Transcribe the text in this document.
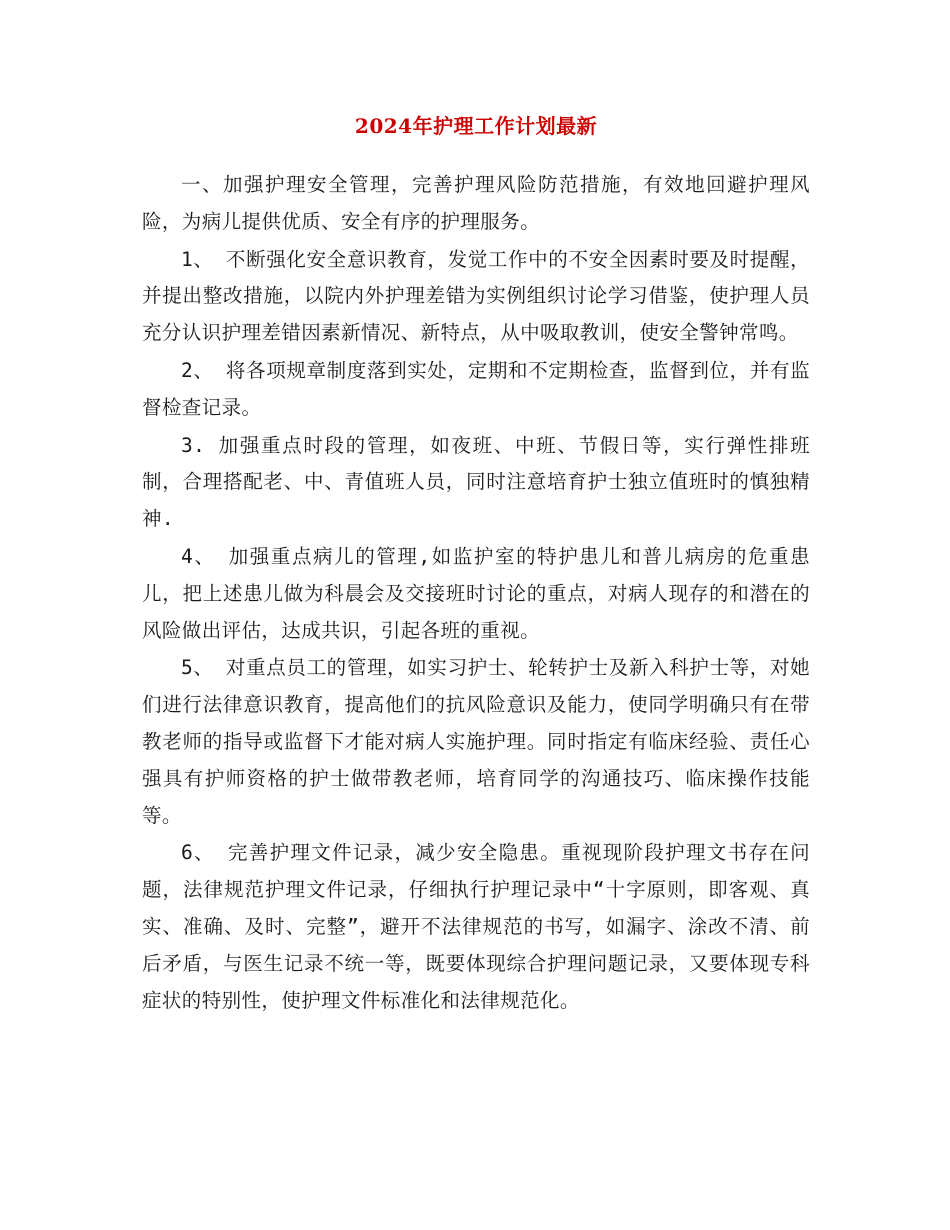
2024年护理工作计划最新

一、加强护理安全管理，完善护理风险防范措施，有效地回避护理风险，为病儿提供优质、安全有序的护理服务。

1、 不断强化安全意识教育，发觉工作中的不安全因素时要及时提醒，并提出整改措施，以院内外护理差错为实例组织讨论学习借鉴，使护理人员充分认识护理差错因素新情况、新特点，从中吸取教训，使安全警钟常鸣。

2、 将各项规章制度落到实处，定期和不定期检查，监督到位，并有监督检查记录。

3. 加强重点时段的管理，如夜班、中班、节假日等，实行弹性排班制，合理搭配老、中、青值班人员，同时注意培育护士独立值班时的慎独精神.

4、 加强重点病儿的管理,如监护室的特护患儿和普儿病房的危重患儿，把上述患儿做为科晨会及交接班时讨论的重点，对病人现存的和潜在的风险做出评估，达成共识，引起各班的重视。

5、 对重点员工的管理，如实习护士、轮转护士及新入科护士等，对她们进行法律意识教育，提高他们的抗风险意识及能力，使同学明确只有在带教老师的指导或监督下才能对病人实施护理。同时指定有临床经验、责任心强具有护师资格的护士做带教老师，培育同学的沟通技巧、临床操作技能等。

6、 完善护理文件记录，减少安全隐患。重视现阶段护理文书存在问题，法律规范护理文件记录，仔细执行护理记录中“十字原则，即客观、真实、准确、及时、完整”，避开不法律规范的书写，如漏字、涂改不清、前后矛盾，与医生记录不统一等，既要体现综合护理问题记录，又要体现专科症状的特别性，使护理文件标准化和法律规范化。
